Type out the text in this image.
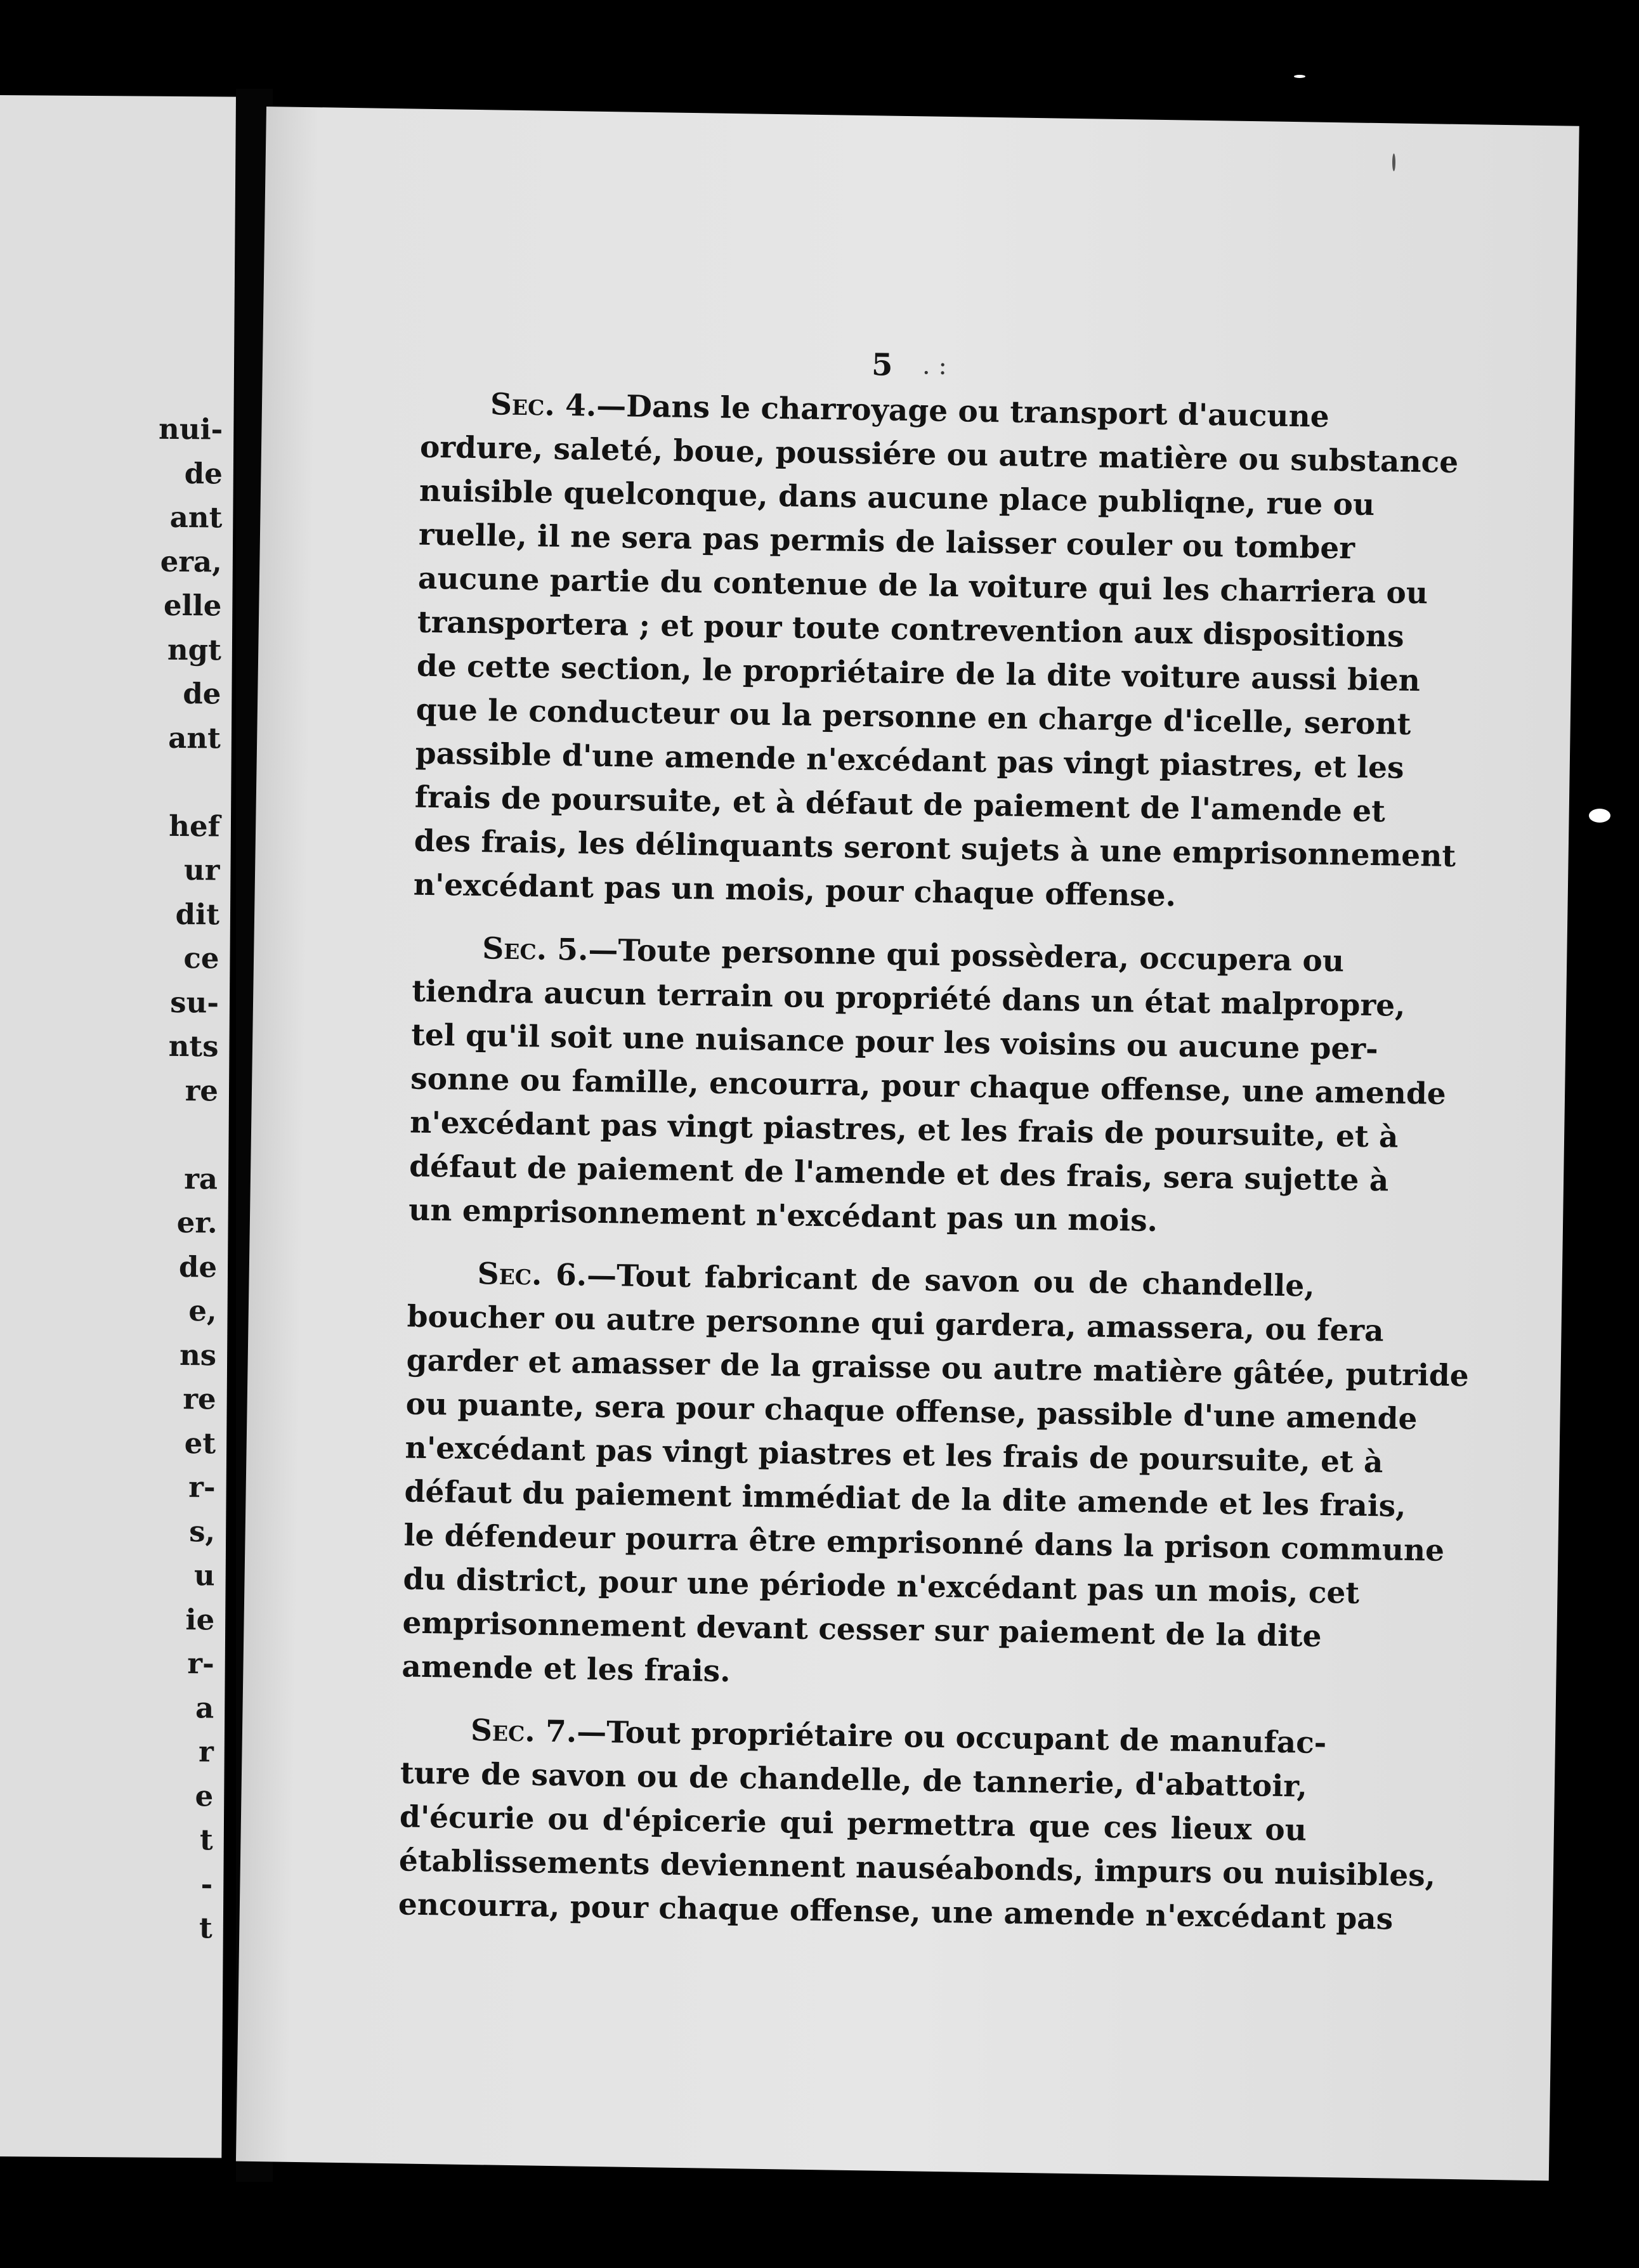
nui-
de
ant
era,
elle
ngt
de
ant
hef
ur
dit
ce
su-
nts
re
ra
er.
de
e,
ns
re
et
r-
s,
u
ie
r-
a
r
e
t
-
t
5 . :
Sec. 4.—Dans le charroyage ou transport d'aucune
ordure, saleté, boue, poussiére ou autre matière ou substance
nuisible quelconque, dans aucune place publiqne, rue ou
ruelle, il ne sera pas permis de laisser couler ou tomber
aucune partie du contenue de la voiture qui les charriera ou
transportera ; et pour toute contrevention aux dispositions
de cette section, le propriétaire de la dite voiture aussi bien
que le conducteur ou la personne en charge d'icelle, seront
passible d'une amende n'excédant pas vingt piastres, et les
frais de poursuite, et à défaut de paiement de l'amende et
des frais, les délinquants seront sujets à une emprisonnement
n'excédant pas un mois, pour chaque offense.
Sec. 5.—Toute personne qui possèdera, occupera ou
tiendra aucun terrain ou propriété dans un état malpropre,
tel qu'il soit une nuisance pour les voisins ou aucune per-
sonne ou famille, encourra, pour chaque offense, une amende
n'excédant pas vingt piastres, et les frais de poursuite, et à
défaut de paiement de l'amende et des frais, sera sujette à
un emprisonnement n'excédant pas un mois.
Sec. 6.—Tout fabricant de savon ou de chandelle,
boucher ou autre personne qui gardera, amassera, ou fera
garder et amasser de la graisse ou autre matière gâtée, putride
ou puante, sera pour chaque offense, passible d'une amende
n'excédant pas vingt piastres et les frais de poursuite, et à
défaut du paiement immédiat de la dite amende et les frais,
le défendeur pourra être emprisonné dans la prison commune
du district, pour une période n'excédant pas un mois, cet
emprisonnement devant cesser sur paiement de la dite
amende et les frais.
Sec. 7.—Tout propriétaire ou occupant de manufac-
ture de savon ou de chandelle, de tannerie, d'abattoir,
d'écurie ou d'épicerie qui permettra que ces lieux ou
établissements deviennent nauséabonds, impurs ou nuisibles,
encourra, pour chaque offense, une amende n'excédant pas
